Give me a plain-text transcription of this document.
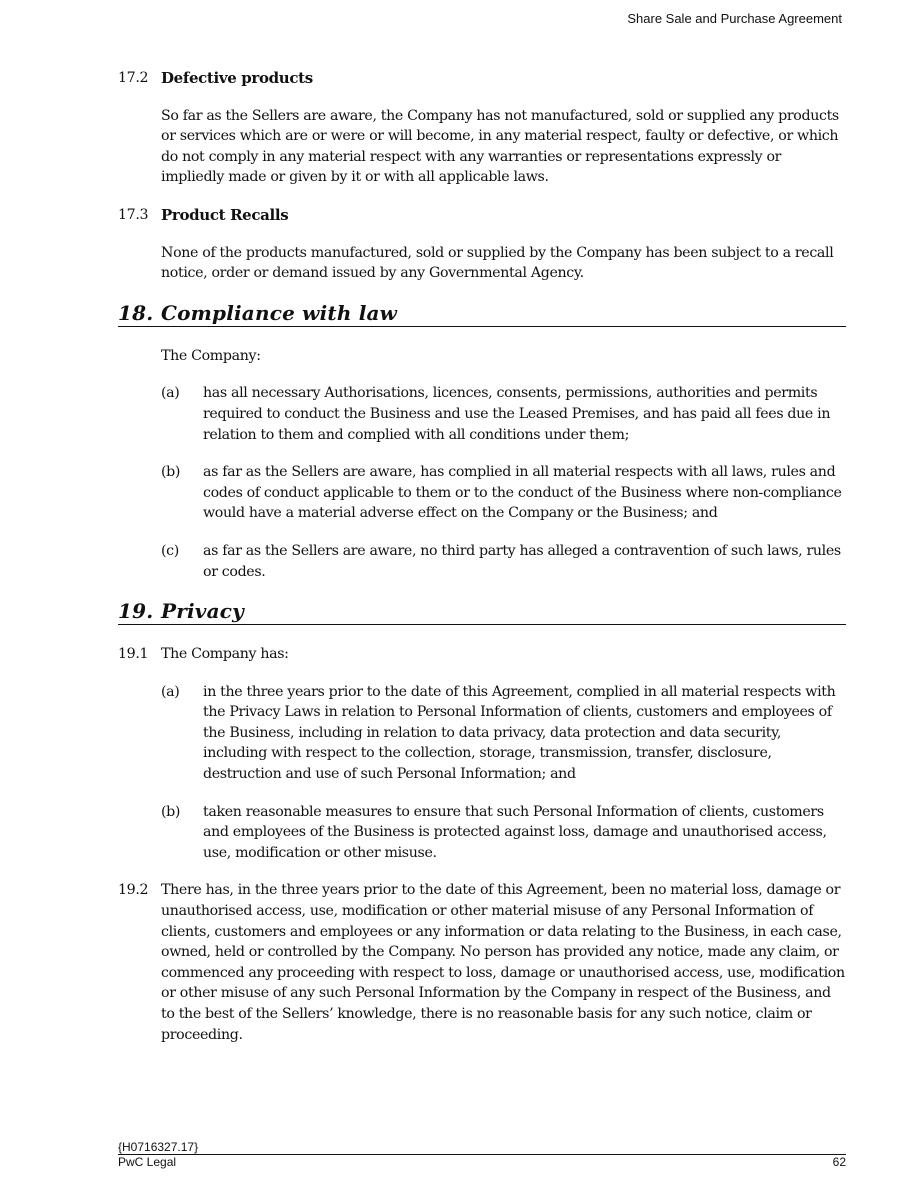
Share Sale and Purchase Agreement
17.2 Defective products
So far as the Sellers are aware, the Company has not manufactured, sold or supplied any products or services which are or were or will become, in any material respect, faulty or defective, or which do not comply in any material respect with any warranties or representations expressly or impliedly made or given by it or with all applicable laws.
17.3 Product Recalls
None of the products manufactured, sold or supplied by the Company has been subject to a recall notice, order or demand issued by any Governmental Agency.
18. Compliance with law
The Company:
(a)	has all necessary Authorisations, licences, consents, permissions, authorities and permits required to conduct the Business and use the Leased Premises, and has paid all fees due in relation to them and complied with all conditions under them;
(b)	as far as the Sellers are aware, has complied in all material respects with all laws, rules and codes of conduct applicable to them or to the conduct of the Business where non-compliance would have a material adverse effect on the Company or the Business; and
(c)	as far as the Sellers are aware, no third party has alleged a contravention of such laws, rules or codes.
19. Privacy
19.1 The Company has:
(a)	in the three years prior to the date of this Agreement, complied in all material respects with the Privacy Laws in relation to Personal Information of clients, customers and employees of the Business, including in relation to data privacy, data protection and data security, including with respect to the collection, storage, transmission, transfer, disclosure, destruction and use of such Personal Information; and
(b)	taken reasonable measures to ensure that such Personal Information of clients, customers and employees of the Business is protected against loss, damage and unauthorised access, use, modification or other misuse.
19.2 There has, in the three years prior to the date of this Agreement, been no material loss, damage or unauthorised access, use, modification or other material misuse of any Personal Information of clients, customers and employees or any information or data relating to the Business, in each case, owned, held or controlled by the Company. No person has provided any notice, made any claim, or commenced any proceeding with respect to loss, damage or unauthorised access, use, modification or other misuse of any such Personal Information by the Company in respect of the Business, and to the best of the Sellers’ knowledge, there is no reasonable basis for any such notice, claim or proceeding.
{H0716327.17}
PwC Legal	62
